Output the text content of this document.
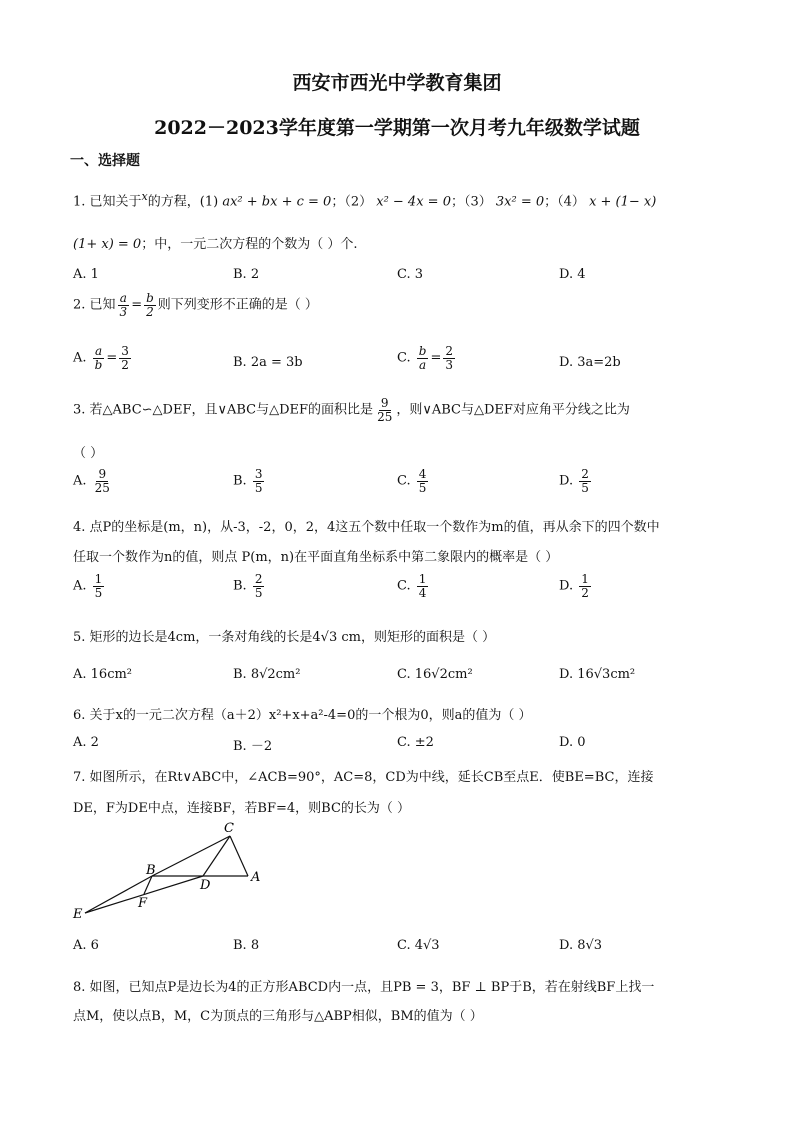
西安市西光中学教育集团
2022－2023学年度第一学期第一次月考九年级数学试题
一、选择题
1. 已知关于$^x$的方程，(1) ax² + bx + c = 0；（2） x² − 4x = 0；（3） 3x² = 0；（4） x + (1− x)
(1+ x) = 0；中，一元二次方程的个数为（ ）个.
A. 1	B. 2	C. 3	D. 4
2. 已知 $\frac{a}{3} = \frac{b}{2}$ 则下列变形不正确的是（ ）
A. $\frac{a}{b} = \frac{3}{2}$	B. 2a = 3b	C. $\frac{b}{a} = \frac{2}{3}$	D. 3a=2b
3. 若△ABC∽△DEF，且∨ABC与△DEF的面积比是 $\frac{9}{25}$ ，则∨ABC与△DEF对应角平分线之比为
（ ）
A. $\frac{9}{25}$	B. $\frac{3}{5}$	C. $\frac{4}{5}$	D. $\frac{2}{5}$
4. 点P的坐标是(m，n)，从-3，-2，0，2，4这五个数中任取一个数作为m的值，再从余下的四个数中
任取一个数作为n的值，则点 P(m，n)在平面直角坐标系中第二象限内的概率是（ ）
A. $\frac{1}{5}$	B. $\frac{2}{5}$	C. $\frac{1}{4}$	D. $\frac{1}{2}$
5. 矩形的边长是4cm，一条对角线的长是4√3 cm，则矩形的面积是（ ）
A. 16cm²	B. 8√2cm²	C. 16√2cm²	D. 16√3cm²
6. 关于x的一元二次方程（a＋2）x²+x+a²-4=0的一个根为0，则a的值为（ ）
A. 2	B. －2	C. ±2	D. 0
7. 如图所示，在Rt∨ABC中，∠ACB=90°，AC=8，CD为中线，延长CB至点E．使BE=BC，连接
DE，F为DE中点，连接BF，若BF=4，则BC的长为（ ）
C
B
D
A
F
E
A. 6	B. 8	C. 4√3	D. 8√3
8. 如图，已知点P是边长为4的正方形ABCD内一点，且PB = 3，BF ⊥ BP于B，若在射线BF上找一
点M，使以点B，M，C为顶点的三角形与△ABP相似，BM的值为（ ）
